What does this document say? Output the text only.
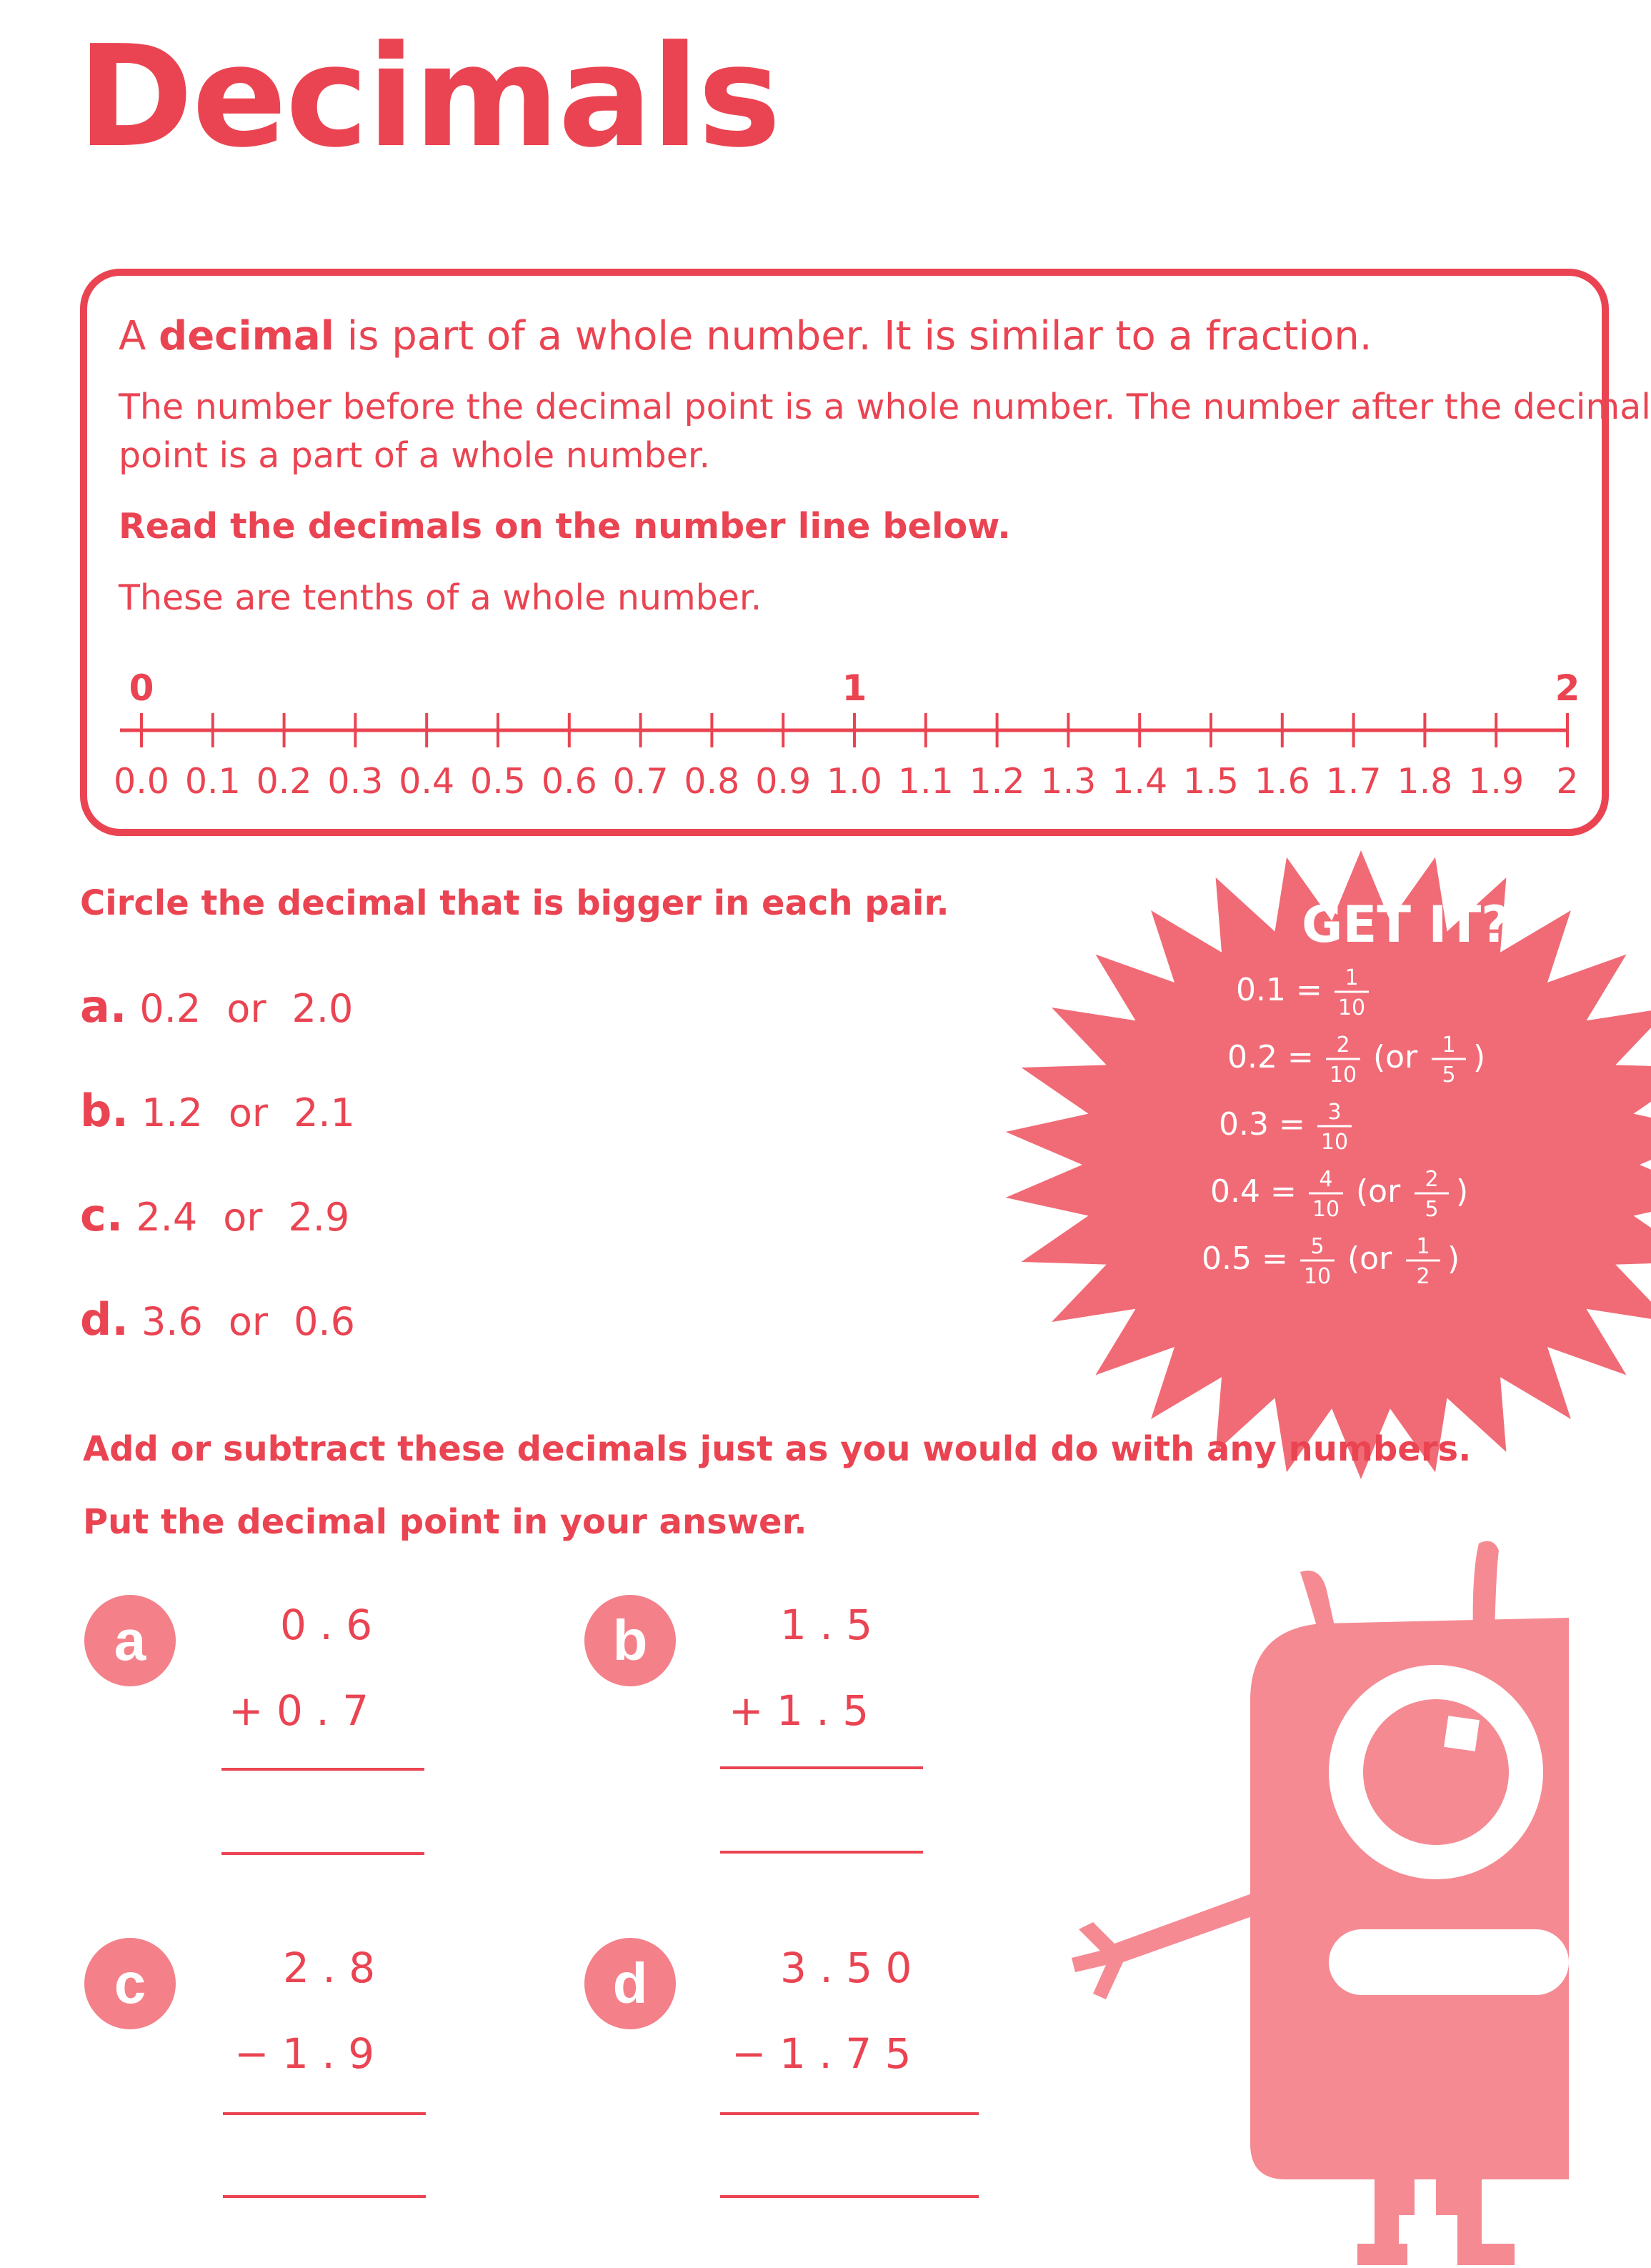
Decimals
A decimal is part of a whole number. It is similar to a fraction.
The number before the decimal point is a whole number. The number after the decimal
point is a part of a whole number.
Read the decimals on the number line below.
These are tenths of a whole number.
0.0 0.1 0.2 0.3 0.4 0.5 0.6 0.7 0.8 0.9 1.0 1.1 1.2 1.3 1.4 1.5 1.6 1.7 1.8 1.9 2
0	1	2
Circle the decimal that is bigger in each pair.
a. 0.2 or 2.0
b. 1.2 or 2.1
c. 2.4 or 2.9
d. 3.6 or 0.6
GET IT?
0.1 = 1
10
0.2 = 2
10 (or 1
5 )
0.3 = 3
10
0.4 = 4
10 (or 2
5 )
0.5 = 5
10 (or 1
2 )
Add or subtract these decimals just as you would do with any numbers.
Put the decimal point in your answer.
a	0 . 6
+ 0 . 7
b	1 . 5
+ 1 . 5
c	2 . 8
− 1 . 9
d	3 . 5 0
− 1 . 7 5
